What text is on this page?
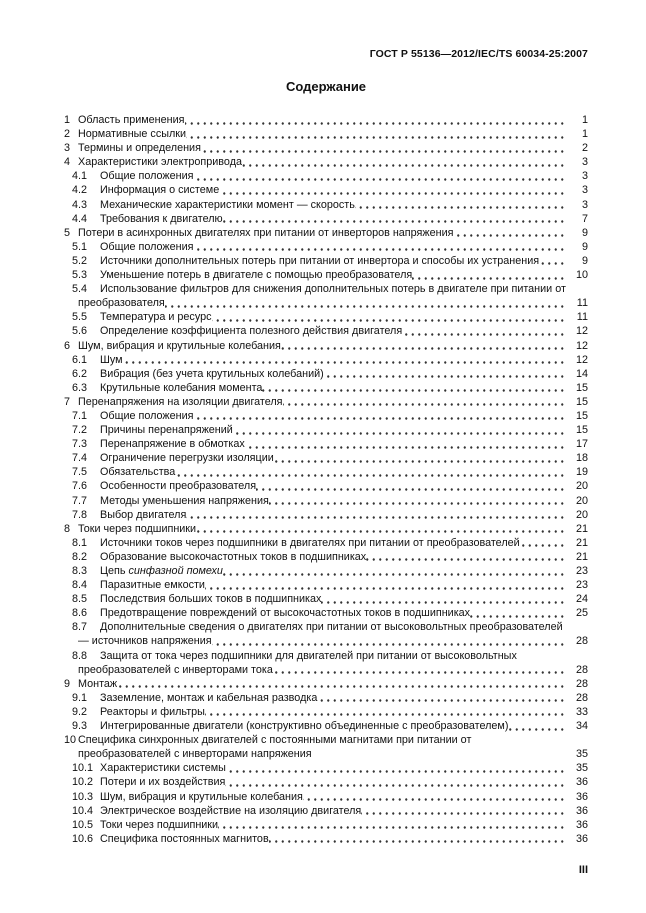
ГОСТ Р 55136—2012/IEC/TS 60034-25:2007
Содержание
1 Область применения	1
2 Нормативные ссылки	1
3 Термины и определения	2
4 Характеристики электропривода	3
4.1 Общие положения	3
4.2 Информация о системе	3
4.3 Механические характеристики момент — скорость	3
4.4 Требования к двигателю	7
5 Потери в асинхронных двигателях при питании от инверторов напряжения	9
5.1 Общие положения	9
5.2 Источники дополнительных потерь при питании от инвертора и способы их устранения	9
5.3 Уменьшение потерь в двигателе с помощью преобразователя	10
5.4 Использование фильтров для снижения дополнительных потерь в двигателе при питании от преобразователя	11
5.5 Температура и ресурс	11
5.6 Определение коэффициента полезного действия двигателя	12
6 Шум, вибрация и крутильные колебания	12
6.1 Шум	12
6.2 Вибрация (без учета крутильных колебаний)	14
6.3 Крутильные колебания момента	15
7 Перенапряжения на изоляции двигателя	15
7.1 Общие положения	15
7.2 Причины перенапряжений	15
7.3 Перенапряжение в обмотках	17
7.4 Ограничение перегрузки изоляции	18
7.5 Обязательства	19
7.6 Особенности преобразователя	20
7.7 Методы уменьшения напряжения	20
7.8 Выбор двигателя	20
8 Токи через подшипники	21
8.1 Источники токов через подшипники в двигателях при питании от преобразователей	21
8.2 Образование высокочастотных токов в подшипниках	21
8.3 Цепь синфазной помехи	23
8.4 Паразитные емкости	23
8.5 Последствия больших токов в подшипниках	24
8.6 Предотвращение повреждений от высокочастотных токов в подшипниках	25
8.7 Дополнительные сведения о двигателях при питании от высоковольтных преобразователей — источников напряжения	28
8.8 Защита от тока через подшипники для двигателей при питании от высоковольтных преобразователей с инверторами тока	28
9 Монтаж	28
9.1 Заземление, монтаж и кабельная разводка	28
9.2 Реакторы и фильтры	33
9.3 Интегрированные двигатели (конструктивно объединенные с преобразователем)	34
10 Специфика синхронных двигателей с постоянными магнитами при питании от преобразователей с инверторами напряжения	35
10.1 Характеристики системы	35
10.2 Потери и их воздействия	36
10.3 Шум, вибрация и крутильные колебания	36
10.4 Электрическое воздействие на изоляцию двигателя	36
10.5 Токи через подшипники	36
10.6 Специфика постоянных магнитов	36
III
